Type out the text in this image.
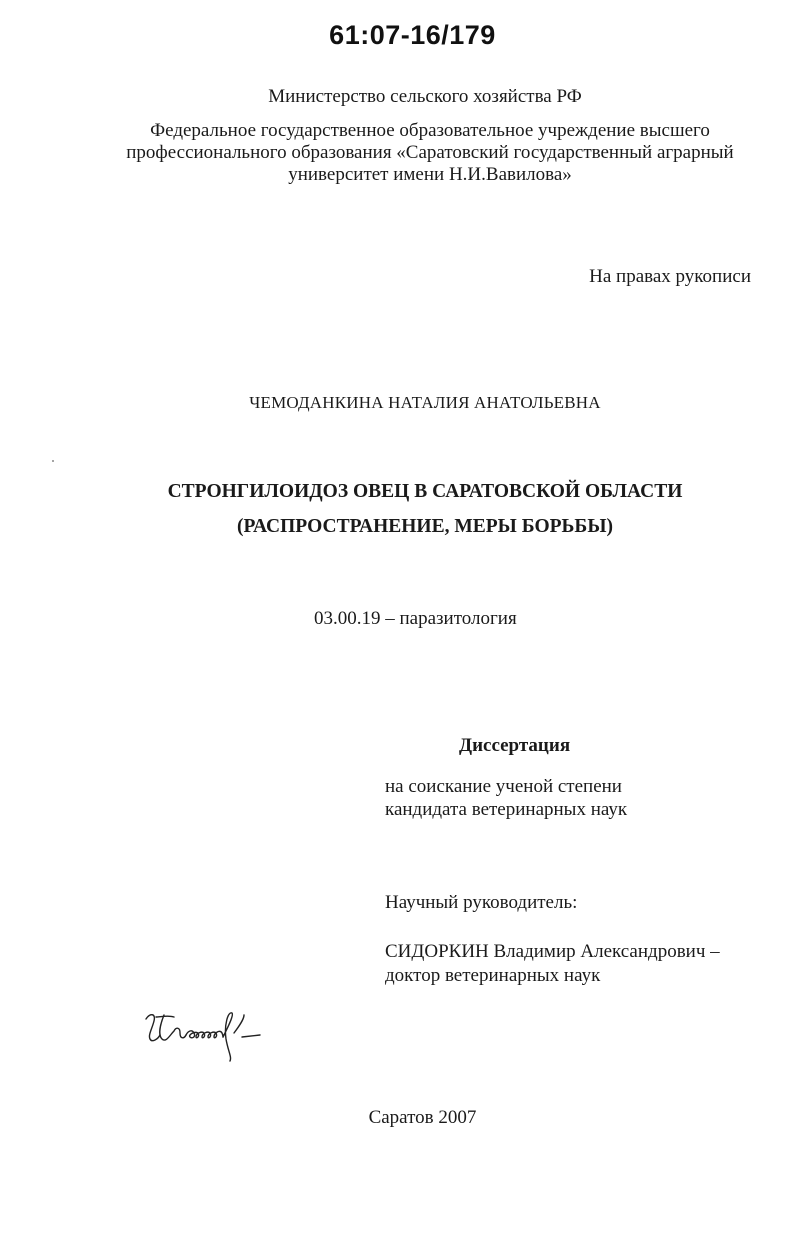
61:07-16/179
Министерство сельского хозяйства РФ
Федеральное государственное образовательное учреждение высшего
профессионального образования «Саратовский государственный аграрный
университет имени Н.И.Вавилова»
На правах рукописи
ЧЕМОДАНКИНА НАТАЛИЯ АНАТОЛЬЕВНА
СТРОНГИЛОИДОЗ ОВЕЦ В САРАТОВСКОЙ ОБЛАСТИ
(РАСПРОСТРАНЕНИЕ, МЕРЫ БОРЬБЫ)
03.00.19 – паразитология
Диссертация
на соискание ученой степени
кандидата ветеринарных наук
Научный руководитель:
СИДОРКИН Владимир Александрович –
доктор ветеринарных наук
Саратов 2007
